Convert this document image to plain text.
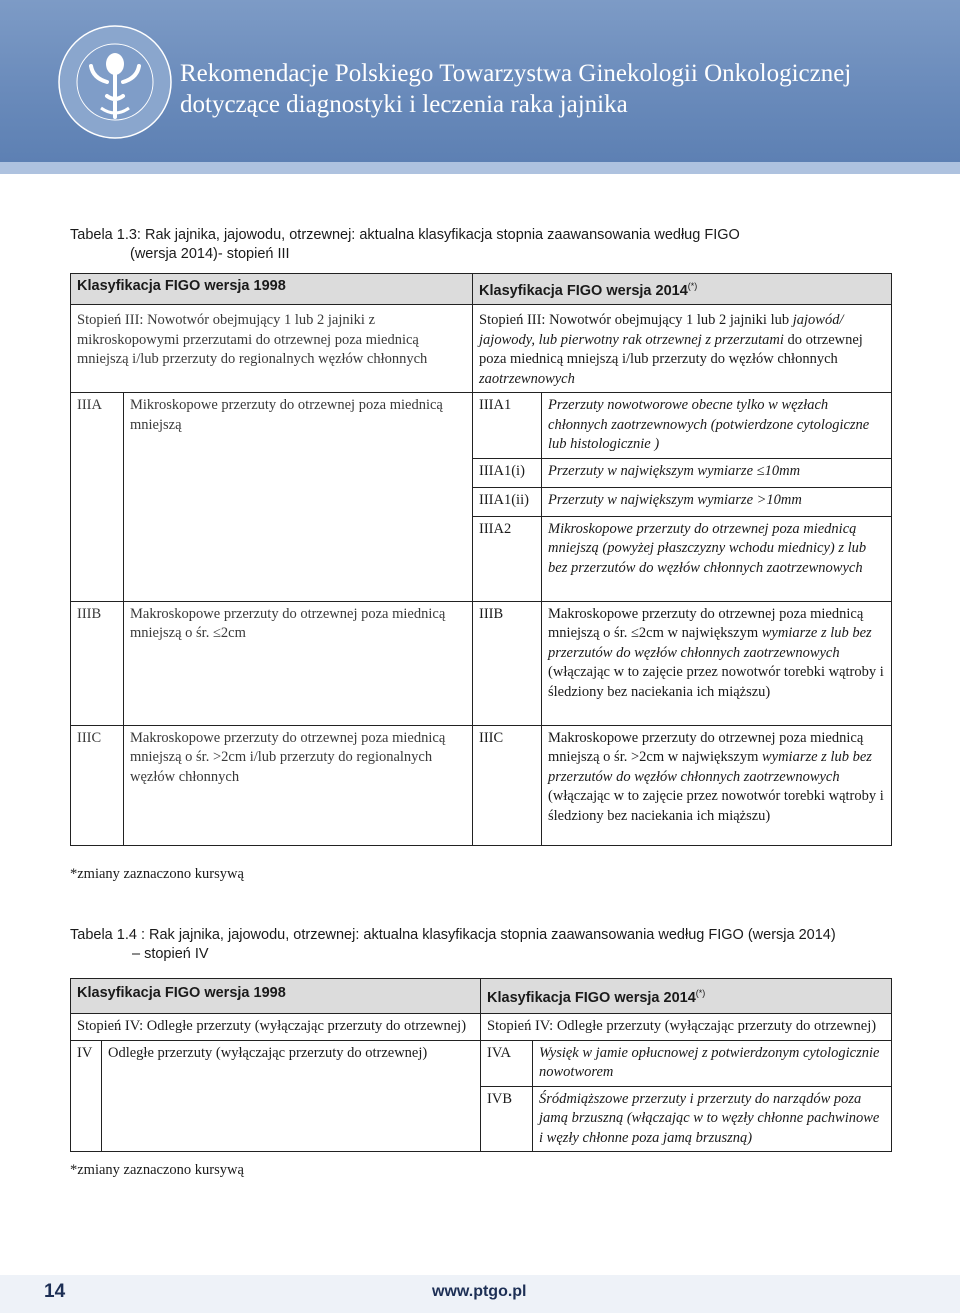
Rekomendacje Polskiego Towarzystwa Ginekologii Onkologicznej
dotyczące diagnostyki i leczenia raka jajnika
Tabela 1.3: Rak jajnika, jajowodu, otrzewnej: aktualna klasyfikacja stopnia zaawansowania według FIGO
(wersja 2014)- stopień III
Klasyfikacja FIGO wersja 1998		Klasyfikacja FIGO wersja 2014(*)
Stopień III: Nowotwór obejmujący 1 lub 2 jajniki z mikroskopowymi przerzutami do otrzewnej poza miednicą mniejszą i/lub przerzuty do regionalnych węzłów chłonnych		Stopień III: Nowotwór obejmujący 1 lub 2 jajniki lub jajowód/ jajowody, lub pierwotny rak otrzewnej z przerzutami do otrzewnej poza miednicą mniejszą i/lub przerzuty do węzłów chłonnych zaotrzewnowych	
IIIA	Mikroskopowe przerzuty do otrzewnej poza miednicą mniejszą	IIIA1	Przerzuty nowotworowe obecne tylko w węzłach chłonnych zaotrzewnowych (potwierdzone cytologiczne lub histologicznie )
		IIIA1(i)	Przerzuty w największym wymiarze ≤10mm
		IIIA1(ii)	Przerzuty w największym wymiarze >10mm
		IIIA2	Mikroskopowe przerzuty do otrzewnej poza miednicą mniejszą (powyżej płaszczyzny wchodu miednicy) z lub bez przerzutów do węzłów chłonnych zaotrzewnowych
IIIB	Makroskopowe przerzuty do otrzewnej poza miednicą mniejszą o śr. ≤2cm	IIIB	Makroskopowe przerzuty do otrzewnej poza miednicą mniejszą o śr. ≤2cm w największym wymiarze z lub bez przerzutów do węzłów chłonnych zaotrzewnowych (włączając w to zajęcie przez nowotwór torebki wątroby i śledziony bez naciekania ich miąższu)
IIIC	Makroskopowe przerzuty do otrzewnej poza miednicą mniejszą o śr. >2cm i/lub przerzuty do regionalnych węzłów chłonnych	IIIC	Makroskopowe przerzuty do otrzewnej poza miednicą mniejszą o śr. >2cm w największym wymiarze z lub bez przerzutów do węzłów chłonnych zaotrzewnowych (włączając w to zajęcie przez nowotwór torebki wątroby i śledziony bez naciekania ich miąższu)
*zmiany zaznaczono kursywą
Tabela 1.4 : Rak jajnika, jajowodu, otrzewnej: aktualna klasyfikacja stopnia zaawansowania według FIGO (wersja 2014)
– stopień IV
Klasyfikacja FIGO wersja 1998		Klasyfikacja FIGO wersja 2014(*)
Stopień IV: Odległe przerzuty (wyłączając przerzuty do otrzewnej)		Stopień IV: Odległe przerzuty (wyłączając przerzuty do otrzewnej)	
IV	Odległe przerzuty (wyłączając przerzuty do otrzewnej)	IVA	Wysięk w jamie opłucnowej z potwierdzonym cytologicznie nowotworem
		IVB	Śródmiąższowe przerzuty i przerzuty do narządów poza jamą brzuszną (włączając w to węzły chłonne pachwinowe i węzły chłonne poza jamą brzuszną)
*zmiany zaznaczono kursywą
14	www.ptgo.pl
